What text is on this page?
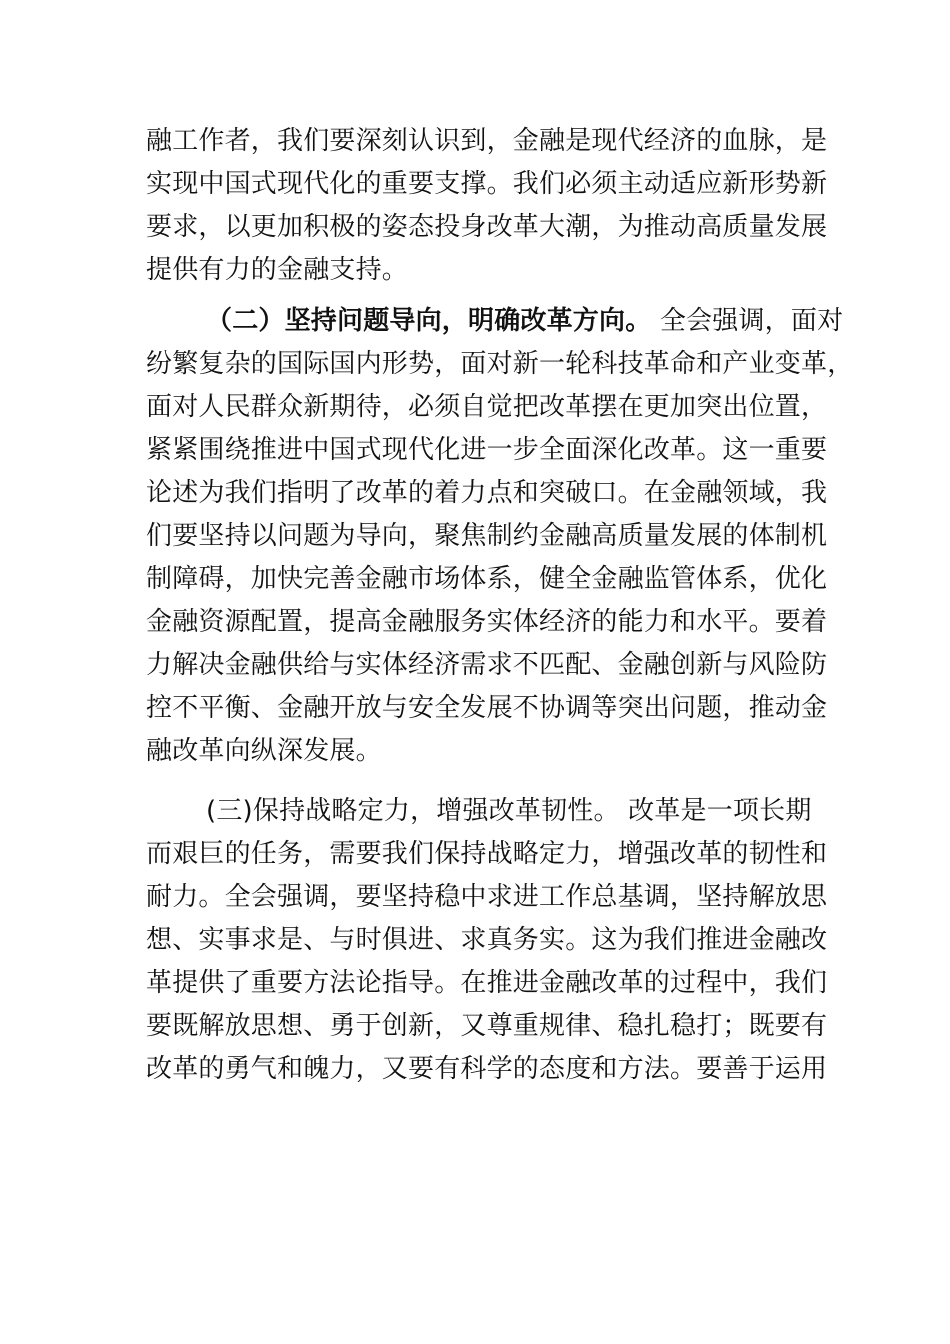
融工作者，我们要深刻认识到，金融是现代经济的血脉，是
实现中国式现代化的重要支撑。我们必须主动适应新形势新
要求，以更加积极的姿态投身改革大潮，为推动高质量发展
提供有力的金融支持。
（二）坚持问题导向，明确改革方向。 全会强调，面对
纷繁复杂的国际国内形势，面对新一轮科技革命和产业变革，
面对人民群众新期待，必须自觉把改革摆在更加突出位置，
紧紧围绕推进中国式现代化进一步全面深化改革。这一重要
论述为我们指明了改革的着力点和突破口。在金融领域，我
们要坚持以问题为导向，聚焦制约金融高质量发展的体制机
制障碍，加快完善金融市场体系，健全金融监管体系，优化
金融资源配置，提高金融服务实体经济的能力和水平。要着
力解决金融供给与实体经济需求不匹配、金融创新与风险防
控不平衡、金融开放与安全发展不协调等突出问题，推动金
融改革向纵深发展。
(三)保持战略定力，增强改革韧性。 改革是一项长期
而艰巨的任务，需要我们保持战略定力，增强改革的韧性和
耐力。全会强调，要坚持稳中求进工作总基调，坚持解放思
想、实事求是、与时俱进、求真务实。这为我们推进金融改
革提供了重要方法论指导。在推进金融改革的过程中，我们
要既解放思想、勇于创新，又尊重规律、稳扎稳打；既要有
改革的勇气和魄力，又要有科学的态度和方法。要善于运用
